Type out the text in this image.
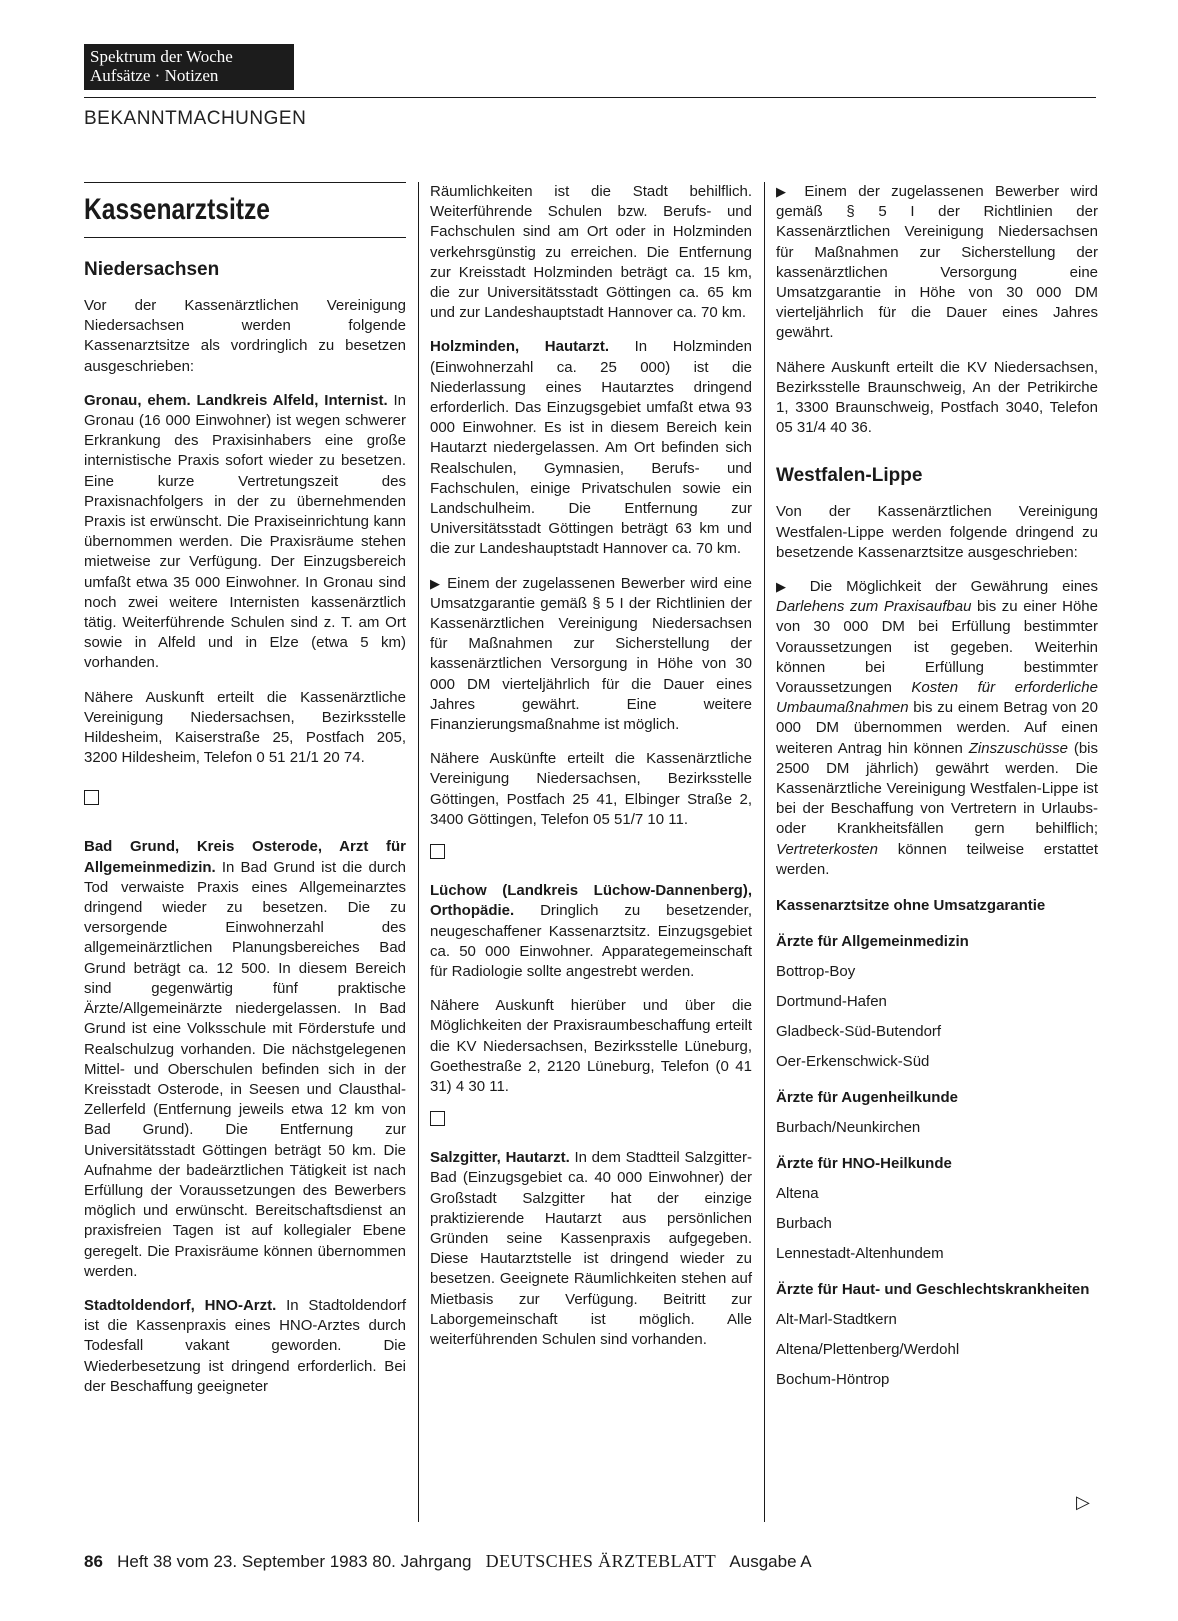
Spektrum der Woche
Aufsätze · Notizen
BEKANNTMACHUNGEN
Kassenarztsitze
Niedersachsen

Vor der Kassenärztlichen Vereinigung Niedersachsen werden folgende Kassenarztsitze als vordringlich zu besetzen ausgeschrieben:

Gronau, ehem. Landkreis Alfeld, Internist. In Gronau (16 000 Einwohner) ist wegen schwerer Erkrankung des Praxisinhabers eine große internistische Praxis sofort wieder zu besetzen. Eine kurze Vertretungszeit des Praxisnachfolgers in der zu übernehmenden Praxis ist erwünscht. Die Praxiseinrichtung kann übernommen werden. Die Praxisräume stehen mietweise zur Verfügung. Der Einzugsbereich umfaßt etwa 35 000 Einwohner. In Gronau sind noch zwei weitere Internisten kassenärztlich tätig. Weiterführende Schulen sind z. T. am Ort sowie in Alfeld und in Elze (etwa 5 km) vorhanden.

Nähere Auskunft erteilt die Kassenärztliche Vereinigung Niedersachsen, Bezirksstelle Hildesheim, Kaiserstraße 25, Postfach 205, 3200 Hildesheim, Telefon 0 51 21/1 20 74.

Bad Grund, Kreis Osterode, Arzt für Allgemeinmedizin. In Bad Grund ist die durch Tod verwaiste Praxis eines Allgemeinarztes dringend wieder zu besetzen. Die zu versorgende Einwohnerzahl des allgemeinärztlichen Planungsbereiches Bad Grund beträgt ca. 12 500. In diesem Bereich sind gegenwärtig fünf praktische Ärzte/Allgemeinärzte niedergelassen. In Bad Grund ist eine Volksschule mit Förderstufe und Realschulzug vorhanden. Die nächstgelegenen Mittel- und Oberschulen befinden sich in der Kreisstadt Osterode, in Seesen und Clausthal-Zellerfeld (Entfernung jeweils etwa 12 km von Bad Grund). Die Entfernung zur Universitätsstadt Göttingen beträgt 50 km. Die Aufnahme der badeärztlichen Tätigkeit ist nach Erfüllung der Voraussetzungen des Bewerbers möglich und erwünscht. Bereitschaftsdienst an praxisfreien Tagen ist auf kollegialer Ebene geregelt. Die Praxisräume können übernommen werden.

Stadtoldendorf, HNO-Arzt. In Stadtoldendorf ist die Kassenpraxis eines HNO-Arztes durch Todesfall vakant geworden. Die Wiederbesetzung ist dringend erforderlich. Bei der Beschaffung geeigneter

Räumlichkeiten ist die Stadt behilflich. Weiterführende Schulen bzw. Berufs- und Fachschulen sind am Ort oder in Holzminden verkehrsgünstig zu erreichen. Die Entfernung zur Kreisstadt Holzminden beträgt ca. 15 km, die zur Universitätsstadt Göttingen ca. 65 km und zur Landeshauptstadt Hannover ca. 70 km.

Holzminden, Hautarzt. In Holzminden (Einwohnerzahl ca. 25 000) ist die Niederlassung eines Hautarztes dringend erforderlich. Das Einzugsgebiet umfaßt etwa 93 000 Einwohner. Es ist in diesem Bereich kein Hautarzt niedergelassen. Am Ort befinden sich Realschulen, Gymnasien, Berufs- und Fachschulen, einige Privatschulen sowie ein Landschulheim. Die Entfernung zur Universitätsstadt Göttingen beträgt 63 km und die zur Landeshauptstadt Hannover ca. 70 km.

▶ Einem der zugelassenen Bewerber wird eine Umsatzgarantie gemäß § 5 I der Richtlinien der Kassenärztlichen Vereinigung Niedersachsen für Maßnahmen zur Sicherstellung der kassenärztlichen Versorgung in Höhe von 30 000 DM vierteljährlich für die Dauer eines Jahres gewährt. Eine weitere Finanzierungsmaßnahme ist möglich.

Nähere Auskünfte erteilt die Kassenärztliche Vereinigung Niedersachsen, Bezirksstelle Göttingen, Postfach 25 41, Elbinger Straße 2, 3400 Göttingen, Telefon 05 51/7 10 11.

Lüchow (Landkreis Lüchow-Dannenberg), Orthopädie. Dringlich zu besetzender, neugeschaffener Kassenarztsitz. Einzugsgebiet ca. 50 000 Einwohner. Apparategemeinschaft für Radiologie sollte angestrebt werden.

Nähere Auskunft hierüber und über die Möglichkeiten der Praxisraumbeschaffung erteilt die KV Niedersachsen, Bezirksstelle Lüneburg, Goethestraße 2, 2120 Lüneburg, Telefon (0 41 31) 4 30 11.

Salzgitter, Hautarzt. In dem Stadtteil Salzgitter-Bad (Einzugsgebiet ca. 40 000 Einwohner) der Großstadt Salzgitter hat der einzige praktizierende Hautarzt aus persönlichen Gründen seine Kassenpraxis aufgegeben. Diese Hautarztstelle ist dringend wieder zu besetzen. Geeignete Räumlichkeiten stehen auf Mietbasis zur Verfügung. Beitritt zur Laborgemeinschaft ist möglich. Alle weiterführenden Schulen sind vorhanden.

▶ Einem der zugelassenen Bewerber wird gemäß § 5 I der Richtlinien der Kassenärztlichen Vereinigung Niedersachsen für Maßnahmen zur Sicherstellung der kassenärztlichen Versorgung eine Umsatzgarantie in Höhe von 30 000 DM vierteljährlich für die Dauer eines Jahres gewährt.

Nähere Auskunft erteilt die KV Niedersachsen, Bezirksstelle Braunschweig, An der Petrikirche 1, 3300 Braunschweig, Postfach 3040, Telefon 05 31/4 40 36.

Westfalen-Lippe

Von der Kassenärztlichen Vereinigung Westfalen-Lippe werden folgende dringend zu besetzende Kassenarztsitze ausgeschrieben:

▶ Die Möglichkeit der Gewährung eines Darlehens zum Praxisaufbau bis zu einer Höhe von 30 000 DM bei Erfüllung bestimmter Voraussetzungen ist gegeben. Weiterhin können bei Erfüllung bestimmter Voraussetzungen Kosten für erforderliche Umbaumaßnahmen bis zu einem Betrag von 20 000 DM übernommen werden. Auf einen weiteren Antrag hin können Zinszuschüsse (bis 2500 DM jährlich) gewährt werden. Die Kassenärztliche Vereinigung Westfalen-Lippe ist bei der Beschaffung von Vertretern in Urlaubs- oder Krankheitsfällen gern behilflich; Vertreterkosten können teilweise erstattet werden.

Kassenarztsitze ohne Umsatzgarantie
Ärzte für Allgemeinmedizin
Bottrop-Boy
Dortmund-Hafen
Gladbeck-Süd-Butendorf
Oer-Erkenschwick-Süd
Ärzte für Augenheilkunde
Burbach/Neunkirchen
Ärzte für HNO-Heilkunde
Altena
Burbach
Lennestadt-Altenhundem
Ärzte für Haut- und Geschlechtskrankheiten
Alt-Marl-Stadtkern
Altena/Plettenberg/Werdohl
Bochum-Höntrop
▷
86 Heft 38 vom 23. September 1983 80. Jahrgang DEUTSCHES ÄRZTEBLATT Ausgabe A
